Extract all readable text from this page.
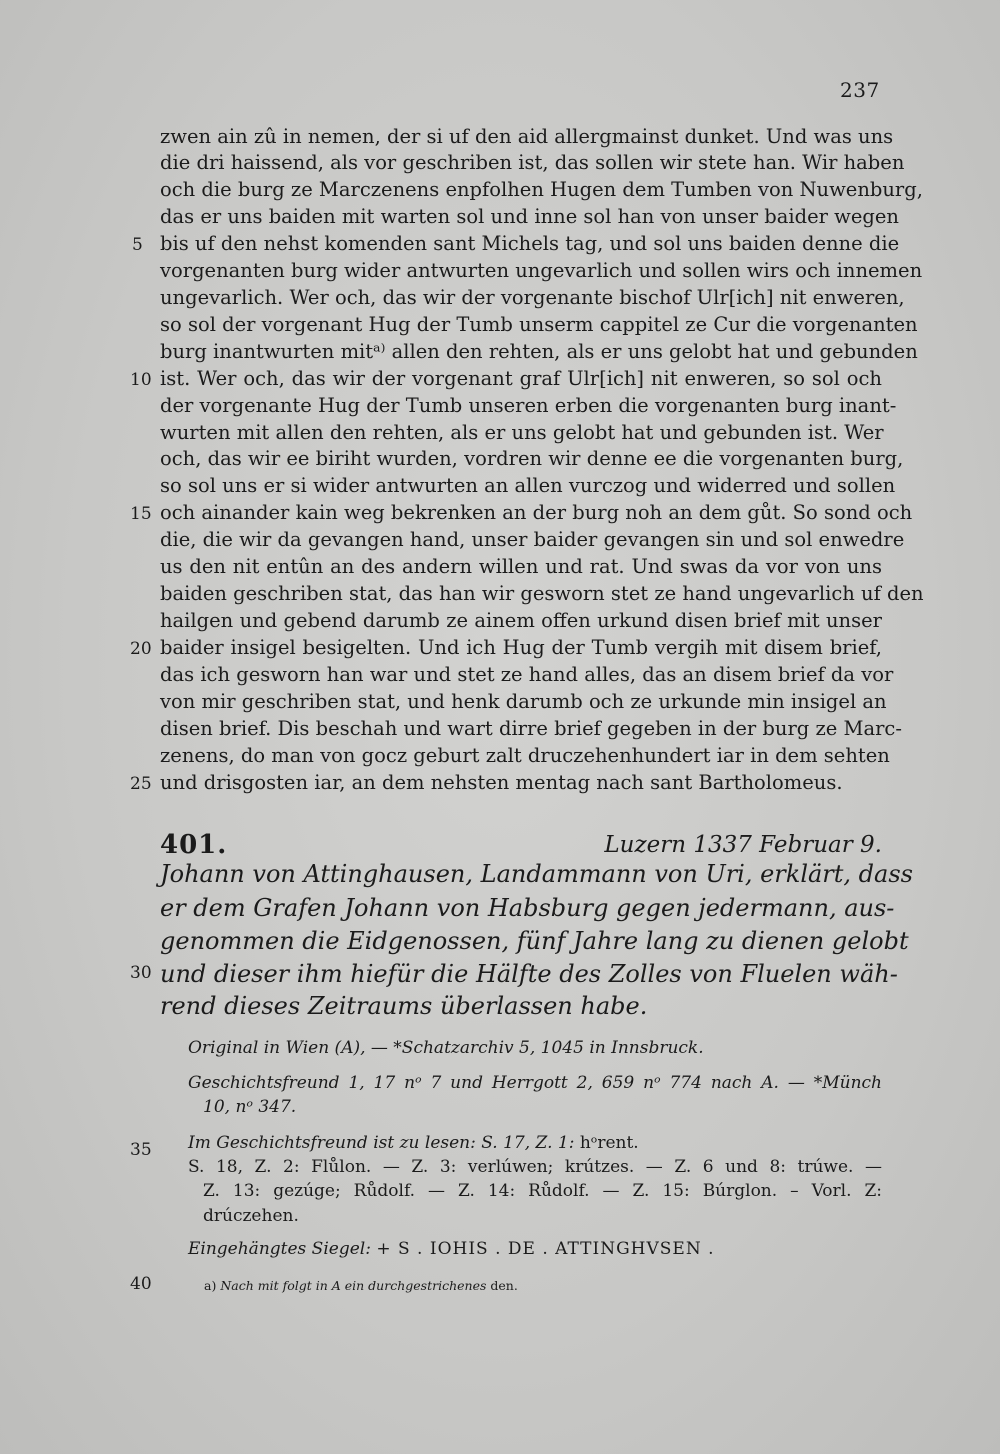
237
zwen ain zû in nemen, der si uf den aid allergmainst dunket. Und was uns
die dri haissend, als vor geschriben ist, das sollen wir stete han. Wir haben
och die burg ze Marczenens enpfolhen Hugen dem Tumben von Nuwenburg,
das er uns baiden mit warten sol und inne sol han von unser baider wegen
bis uf den nehst komenden sant Michels tag, und sol uns baiden denne die
vorgenanten burg wider antwurten ungevarlich und sollen wirs och innemen
ungevarlich. Wer och, das wir der vorgenante bischof Ulr[ich] nit enweren,
so sol der vorgenant Hug der Tumb unserm cappitel ze Cur die vorgenanten
burg inantwurten mitᵃ⁾ allen den rehten, als er uns gelobt hat und gebunden
ist. Wer och, das wir der vorgenant graf Ulr[ich] nit enweren, so sol och
der vorgenante Hug der Tumb unseren erben die vorgenanten burg inant-
wurten mit allen den rehten, als er uns gelobt hat und gebunden ist. Wer
och, das wir ee biriht wurden, vordren wir denne ee die vorgenanten burg,
so sol uns er si wider antwurten an allen vurczog und widerred und sollen
och ainander kain weg bekrenken an der burg noh an dem gůt. So sond och
die, die wir da gevangen hand, unser baider gevangen sin und sol enwedre
us den nit entûn an des andern willen und rat. Und swas da vor von uns
baiden geschriben stat, das han wir gesworn stet ze hand ungevarlich uf den
hailgen und gebend darumb ze ainem offen urkund disen brief mit unser
baider insigel besigelten. Und ich Hug der Tumb vergih mit disem brief,
das ich gesworn han war und stet ze hand alles, das an disem brief da vor
von mir geschriben stat, und henk darumb och ze urkunde min insigel an
disen brief. Dis beschah und wart dirre brief gegeben in der burg ze Marc-
zenens, do man von gocz geburt zalt druczehenhundert iar in dem sehten
und drisgosten iar, an dem nehsten mentag nach sant Bartholomeus.
5
10
15
20
25
30
35
40
401.	Luzern 1337 Februar 9.
Johann von Attinghausen, Landammann von Uri, erklärt, dass
er dem Grafen Johann von Habsburg gegen jedermann, aus-
genommen die Eidgenossen, fünf Jahre lang zu dienen gelobt
und dieser ihm hiefür die Hälfte des Zolles von Fluelen wäh-
rend dieses Zeitraums überlassen habe.
Original in Wien (A), — *Schatzarchiv 5, 1045 in Innsbruck.
Geschichtsfreund 1, 17 nᵒ 7 und Herrgott 2, 659 nᵒ 774 nach A. — *Münch
10, nᵒ 347.
Im Geschichtsfreund ist zu lesen: S. 17, Z. 1: hᵒrent.
S. 18, Z. 2: Flůlon. — Z. 3: verlúwen; krútzes. — Z. 6 und 8: trúwe. —
Z. 13: gezúge; Růdolf. — Z. 14: Růdolf. — Z. 15: Búrglon. – Vorl. Z:
drúczehen.
Eingehängtes Siegel: + S . IOHIS . DE . ATTINGHVSEN .
a) Nach mit folgt in A ein durchgestrichenes den.
